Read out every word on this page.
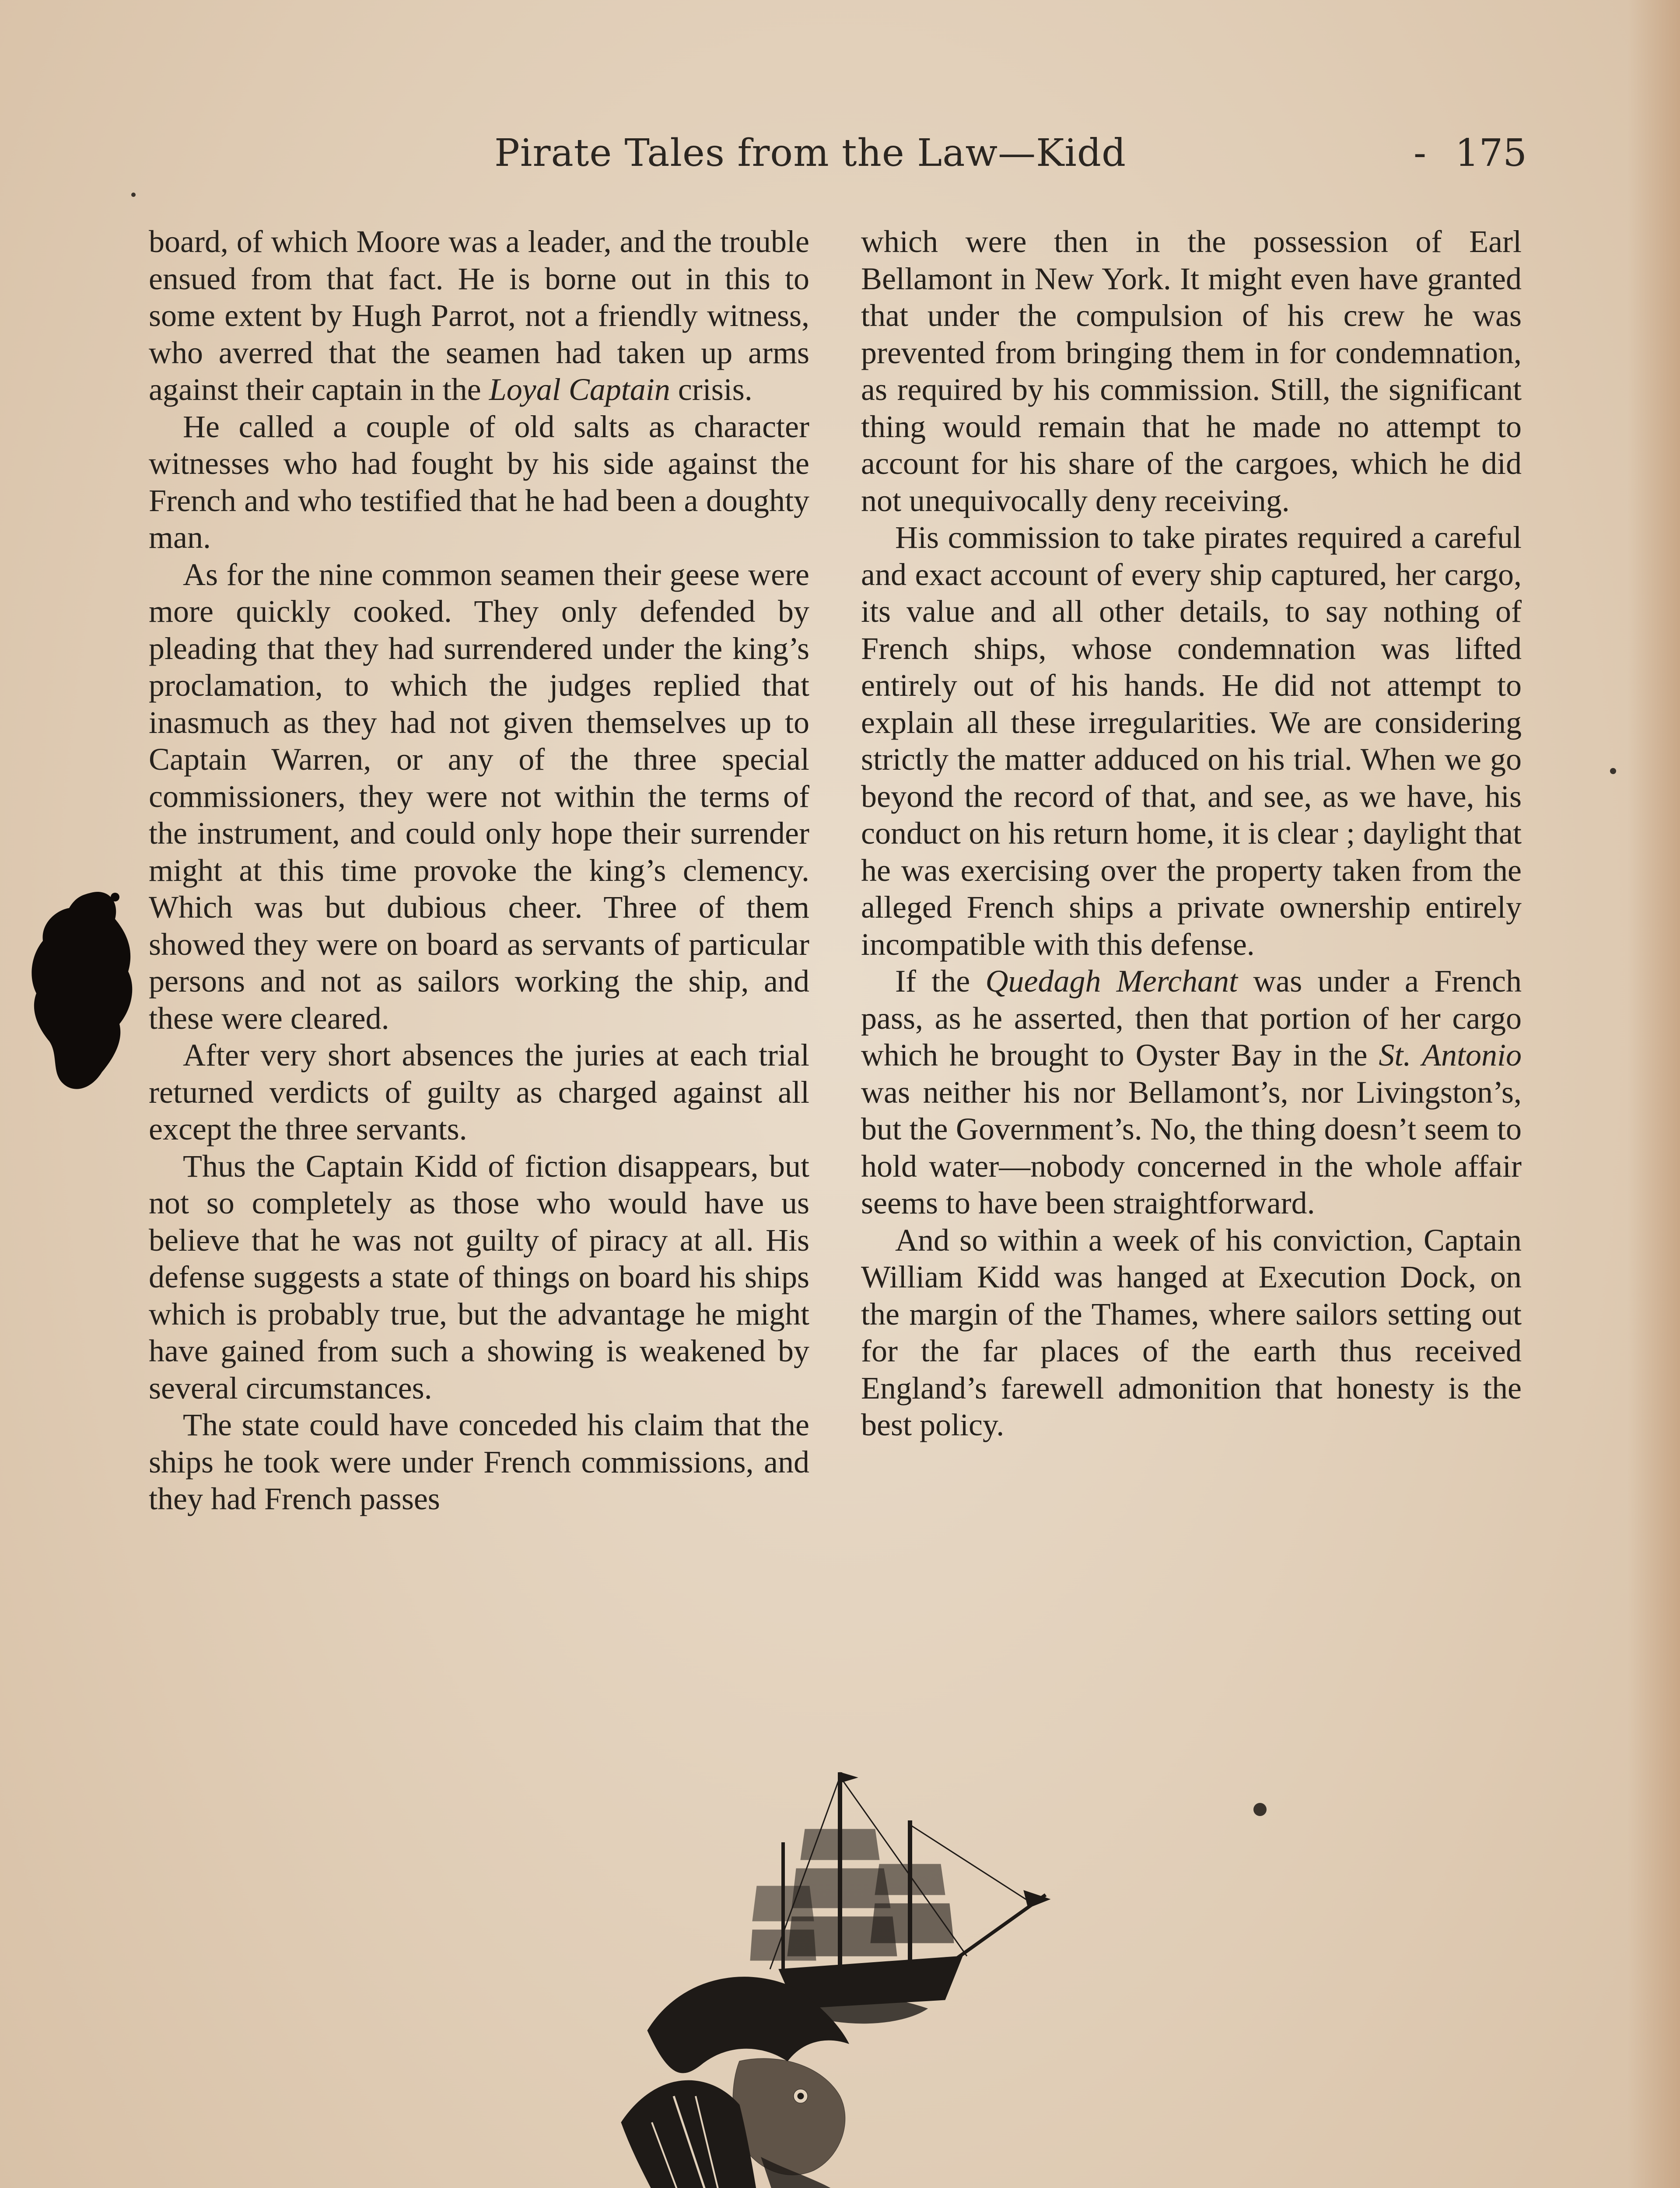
Pirate Tales from the Law—Kidd	- 175

board, of which Moore was a leader, and the trouble ensued from that fact. He is borne out in this to some extent by Hugh Parrot, not a friendly witness, who averred that the seamen had taken up arms against their captain in the Loyal Captain crisis.

He called a couple of old salts as character witnesses who had fought by his side against the French and who testified that he had been a doughty man.

As for the nine common seamen their geese were more quickly cooked. They only defended by pleading that they had surrendered under the king’s proclamation, to which the judges replied that inasmuch as they had not given themselves up to Captain Warren, or any of the three special commissioners, they were not within the terms of the instrument, and could only hope their surrender might at this time provoke the king’s clemency. Which was but dubious cheer. Three of them showed they were on board as servants of particular persons and not as sailors working the ship, and these were cleared.

After very short absences the juries at each trial returned verdicts of guilty as charged against all except the three servants.

Thus the Captain Kidd of fiction disappears, but not so completely as those who would have us believe that he was not guilty of piracy at all. His defense suggests a state of things on board his ships which is probably true, but the advantage he might have gained from such a showing is weakened by several circumstances.

The state could have conceded his claim that the ships he took were under French commissions, and they had French passes

which were then in the possession of Earl Bellamont in New York. It might even have granted that under the compulsion of his crew he was prevented from bringing them in for condemnation, as required by his commission. Still, the significant thing would remain that he made no attempt to account for his share of the cargoes, which he did not unequivocally deny receiving.

His commission to take pirates required a careful and exact account of every ship captured, her cargo, its value and all other details, to say nothing of French ships, whose condemnation was lifted entirely out of his hands. He did not attempt to explain all these irregularities. We are considering strictly the matter adduced on his trial. When we go beyond the record of that, and see, as we have, his conduct on his return home, it is clear ; daylight that he was exercising over the property taken from the alleged French ships a private ownership entirely incompatible with this defense.

If the Quedagh Merchant was under a French pass, as he asserted, then that portion of her cargo which he brought to Oyster Bay in the St. Antonio was neither his nor Bellamont’s, nor Livingston’s, but the Government’s. No, the thing doesn’t seem to hold water—nobody concerned in the whole affair seems to have been straightforward.

And so within a week of his conviction, Captain William Kidd was hanged at Execution Dock, on the margin of the Thames, where sailors setting out for the far places of the earth thus received England’s farewell admonition that honesty is the best policy.
